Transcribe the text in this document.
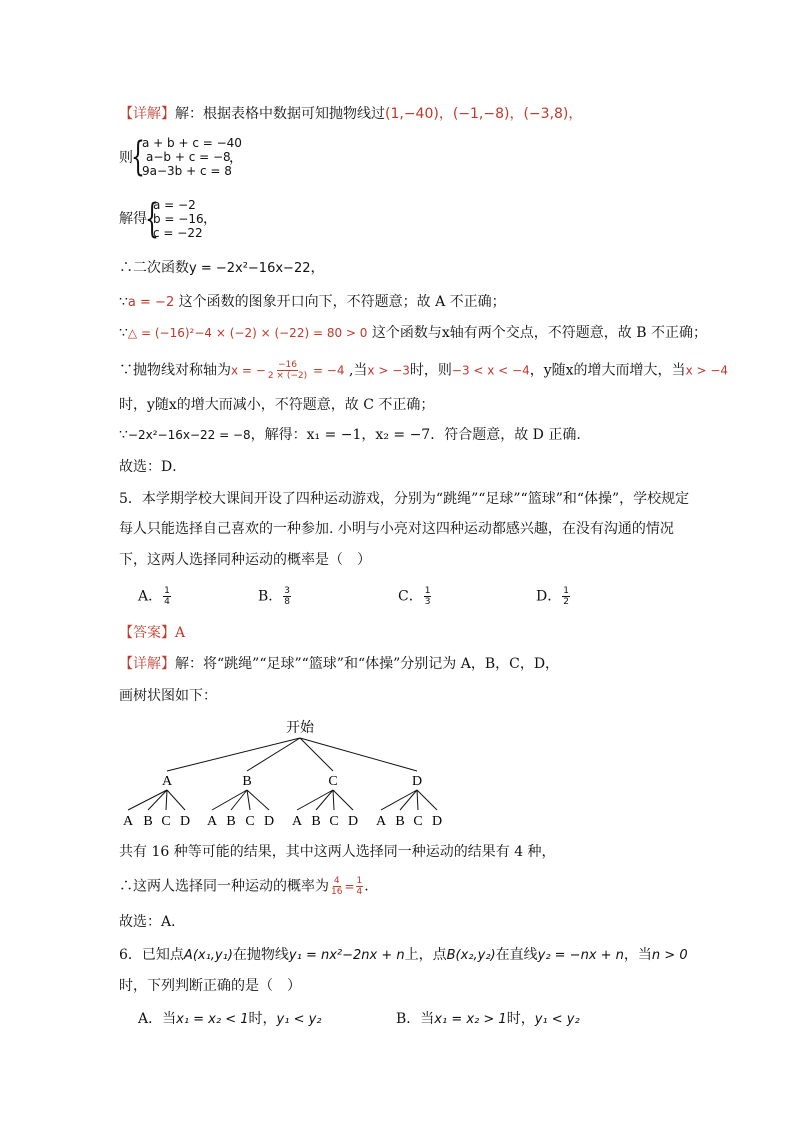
【详解】解：根据表格中数据可知抛物线过(1,−40)，(−1,−8)，(−3,8)，
则
{
a + b + c = −40
a−b + c = −8
9a−3b + c = 8
，
解得
{
a = −2
b = −16
c = −22
，
∴二次函数y = −2x²−16x−22，
∵a = −2 这个函数的图象开口向下，不符题意；故 A 不正确；
∵△ = (−16)²−4 × (−2) × (−22) = 80 > 0 这个函数与x轴有两个交点，不符题意，故 B 不正确；
∵抛物线对称轴为x = − $\frac{-16}{2 \times (-2)} = -4$ ,当x > −3时，则−3 < x < −4，y随x的增大而增大，当x > −4
时，y随x的增大而减小，不符题意，故 C 不正确；
∵−2x²−16x−22 = −8，解得：x₁ = −1，x₂ = −7．符合题意，故 D 正确.
故选：D．
5．本学期学校大课间开设了四种运动游戏，分别为“跳绳”“足球”“篮球”和“体操”，学校规定
每人只能选择自己喜欢的一种参加. 小明与小亮对这四种运动都感兴趣，在没有沟通的情况
下，这两人选择同种运动的概率是（　）
A． $\frac{1}{4}$	B． $\frac{3}{8}$	C． $\frac{1}{3}$	D． $\frac{1}{2}$
【答案】A
【详解】解：将“跳绳”“足球”“篮球”和“体操”分别记为 A，B，C，D，
画树状图如下：
开始
A	B	C	D
A B C D A B C D A B C D A B C D
共有 16 种等可能的结果，其中这两人选择同一种运动的结果有 4 种，
∴这两人选择同一种运动的概率为 $\frac{4}{16} = \frac{1}{4}$ .
故选：A．
6．已知点A(x₁,y₁)在抛物线y₁ = nx²−2nx + n上，点B(x₂,y₂)在直线y₂ = −nx + n，当n > 0
时，下列判断正确的是（　）
A．当x₁ = x₂ < 1时，y₁ < y₂	B．当x₁ = x₂ > 1时，y₁ < y₂
